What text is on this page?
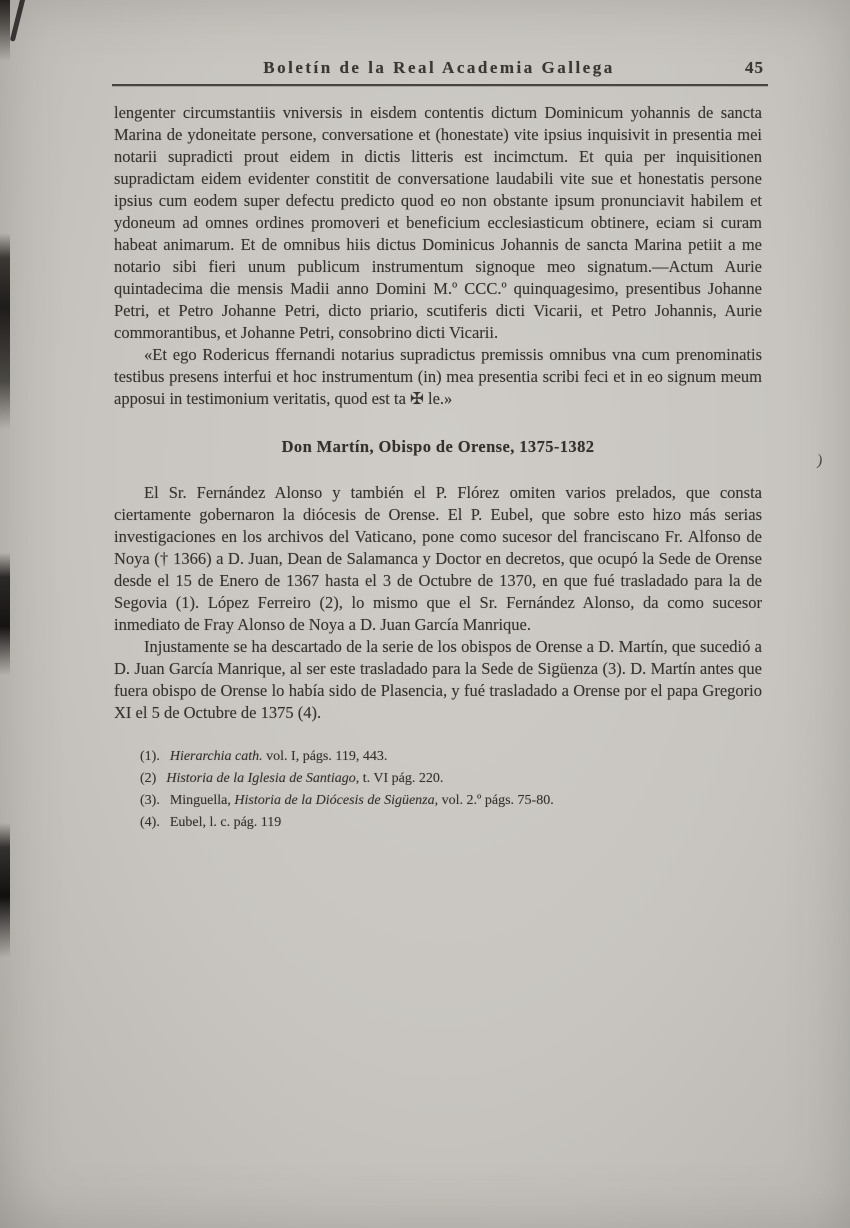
Boletín de la Real Academia Gallega	45

lengenter circumstantiis vniversis in eisdem contentis dictum Dominicum yohannis de sancta Marina de ydoneitate persone, conversatione et (honestate) vite ipsius inquisivit in presentia mei notarii supradicti prout eidem in dictis litteris est incimctum. Et quia per inquisitionen supradictam eidem evidenter constitit de conversatione laudabili vite sue et honestatis persone ipsius cum eodem super defectu predicto quod eo non obstante ipsum pronunciavit habilem et ydoneum ad omnes ordines promoveri et beneficium ecclesiasticum obtinere, eciam si curam habeat animarum. Et de omnibus hiis dictus Dominicus Johannis de sancta Marina petiit a me notario sibi fieri unum publicum instrumentum signoque meo signatum.—Actum Aurie quintadecima die mensis Madii anno Domini M.º CCC.º quinquagesimo, presentibus Johanne Petri, et Petro Johanne Petri, dicto priario, scutiferis dicti Vicarii, et Petro Johannis, Aurie commorantibus, et Johanne Petri, consobrino dicti Vicarii.

«Et ego Rodericus ffernandi notarius supradictus premissis omnibus vna cum prenominatis testibus presens interfui et hoc instrumentum (in) mea presentia scribi feci et in eo signum meum apposui in testimonium veritatis, quod est ta ✠ le.»

Don Martín, Obispo de Orense, 1375-1382

El Sr. Fernández Alonso y también el P. Flórez omiten varios prelados, que consta ciertamente gobernaron la diócesis de Orense. El P. Eubel, que sobre esto hizo más serias investigaciones en los archivos del Vaticano, pone como sucesor del franciscano Fr. Alfonso de Noya († 1366) a D. Juan, Dean de Salamanca y Doctor en decretos, que ocupó la Sede de Orense desde el 15 de Enero de 1367 hasta el 3 de Octubre de 1370, en que fué trasladado para la de Segovia (1). López Ferreiro (2), lo mismo que el Sr. Fernández Alonso, da como sucesor inmediato de Fray Alonso de Noya a D. Juan García Manrique.

Injustamente se ha descartado de la serie de los obispos de Orense a D. Martín, que sucedió a D. Juan García Manrique, al ser este trasladado para la Sede de Sigüenza (3). D. Martín antes que fuera obispo de Orense lo había sido de Plasencia, y fué trasladado a Orense por el papa Gregorio XI el 5 de Octubre de 1375 (4).

(1). Hierarchia cath. vol. I, págs. 119, 443.
(2) Historia de la Iglesia de Santiago, t. VI pág. 220.
(3). Minguella, Historia de la Diócesis de Sigüenza, vol. 2.º págs. 75-80.
(4). Eubel, l. c. pág. 119
)
